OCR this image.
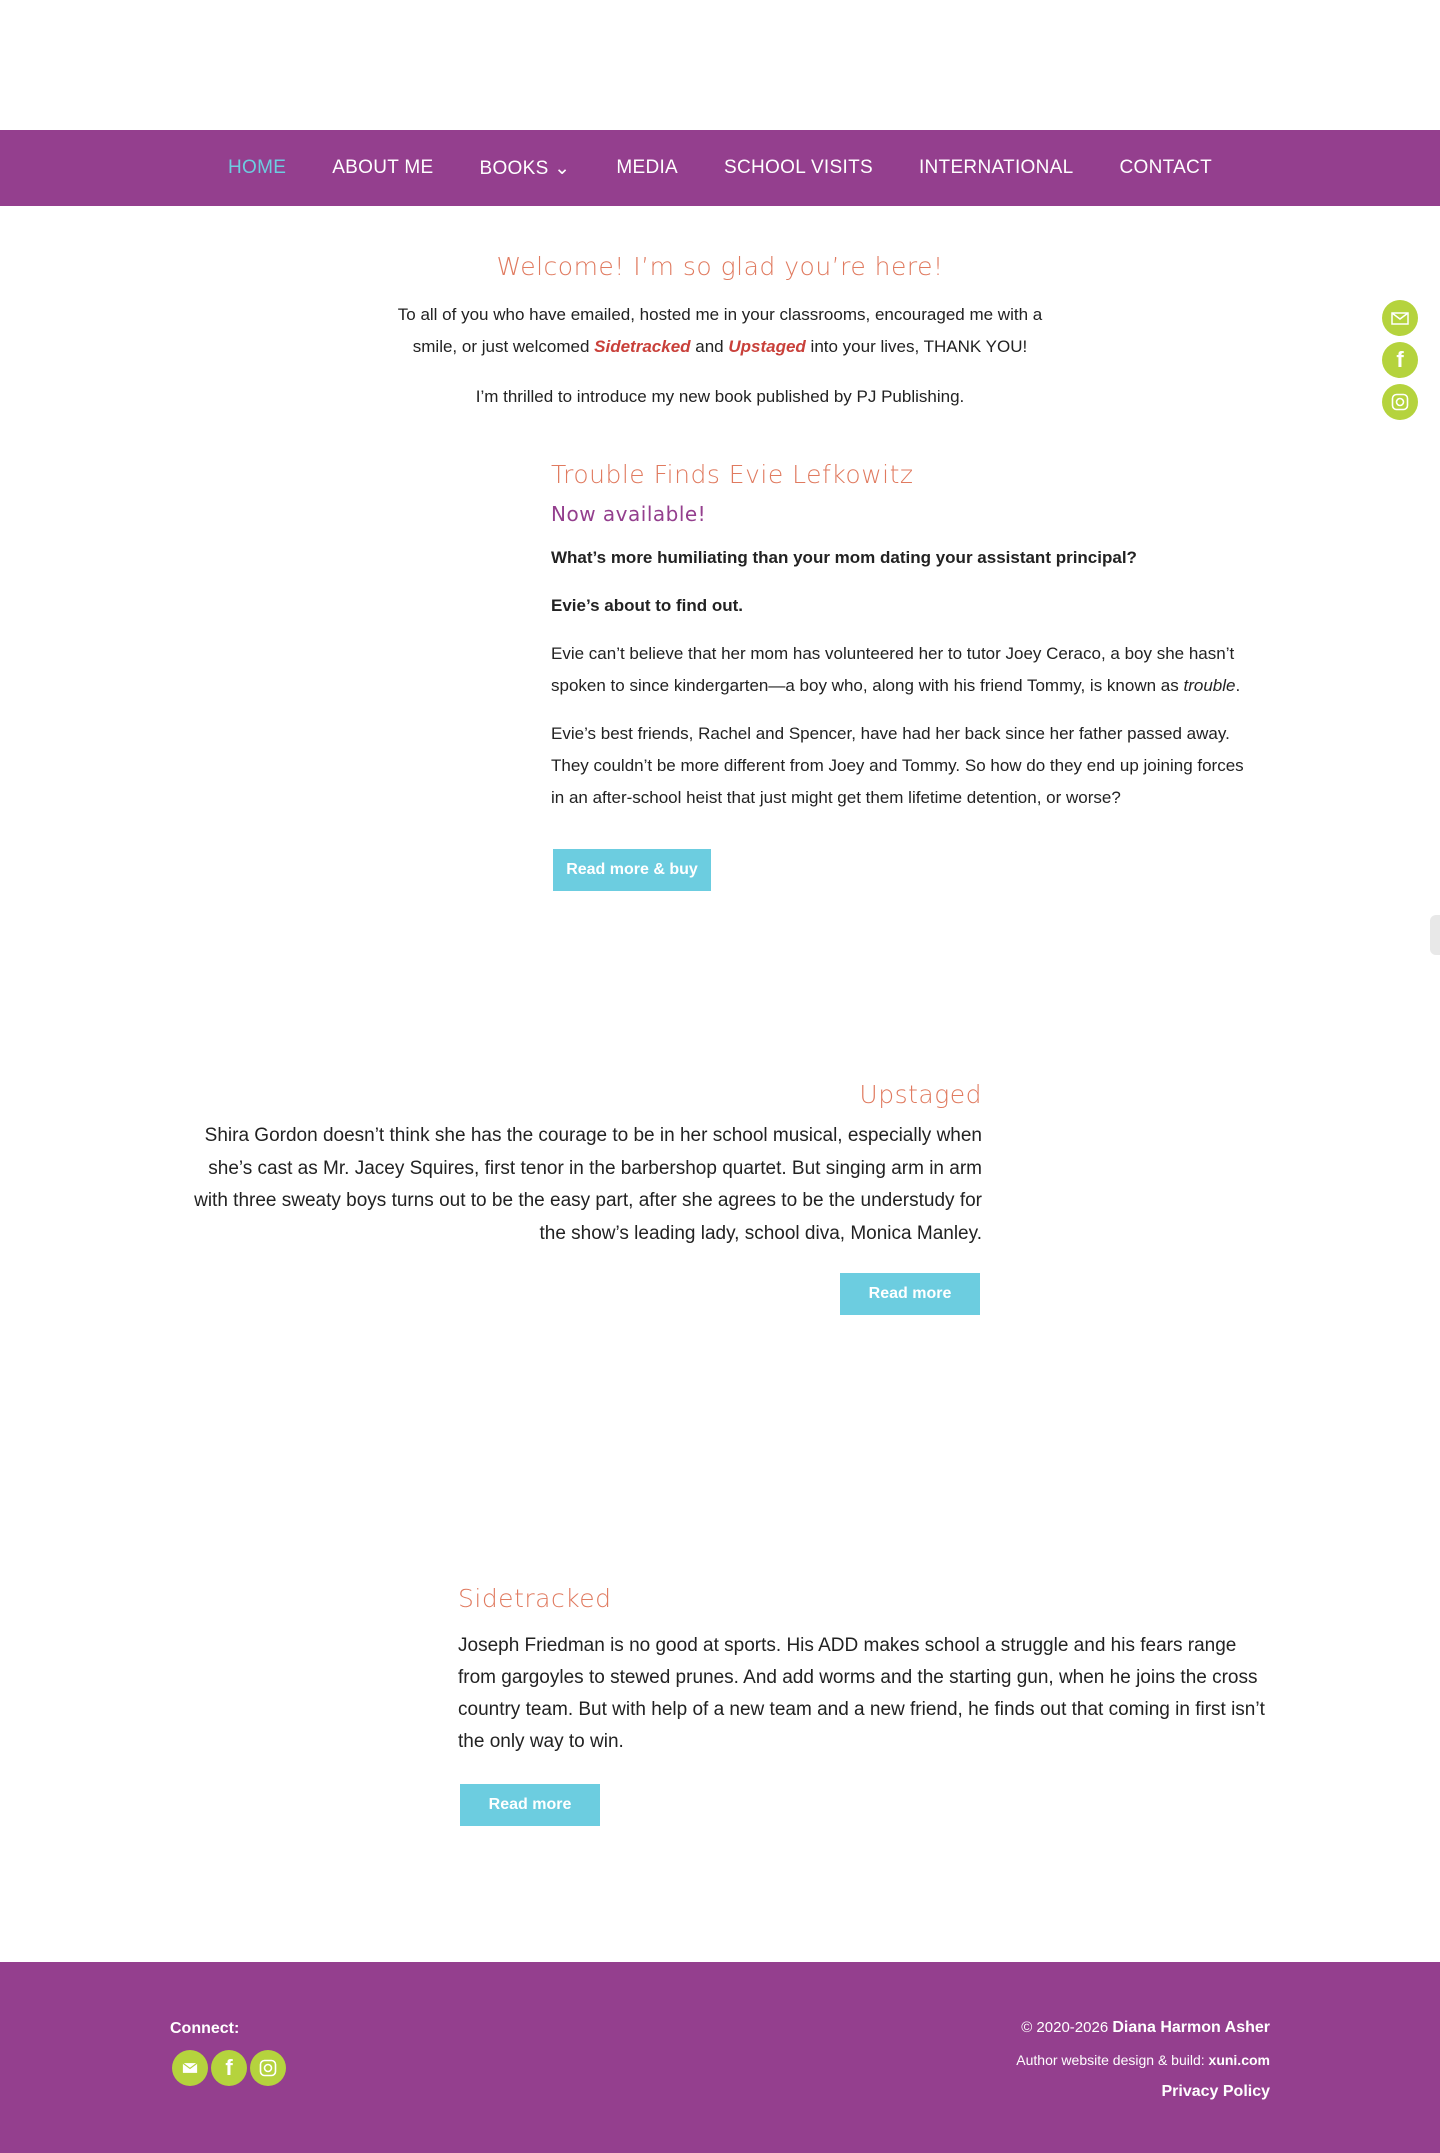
HOME ABOUT ME BOOKS ⌄ MEDIA SCHOOL VISITS INTERNATIONAL CONTACT
f
Welcome! I’m so glad you’re here!
To all of you who have emailed, hosted me in your classrooms, encouraged me with a
smile, or just welcomed Sidetracked and Upstaged into your lives, THANK YOU!

I’m thrilled to introduce my new book published by PJ Publishing.

Trouble Finds Evie Lefkowitz
Now available!

What’s more humiliating than your mom dating your assistant principal?

Evie’s about to find out.

Evie can’t believe that her mom has volunteered her to tutor Joey Ceraco, a boy she hasn’t spoken to since kindergarten—a boy who, along with his friend Tommy, is known as trouble.

Evie’s best friends, Rachel and Spencer, have had her back since her father passed away. They couldn’t be more different from Joey and Tommy. So how do they end up joining forces in an after-school heist that just might get them lifetime detention, or worse?

Read more & buy
Upstaged

Shira Gordon doesn’t think she has the courage to be in her school musical, especially when she’s cast as Mr. Jacey Squires, first tenor in the barbershop quartet. But singing arm in arm with three sweaty boys turns out to be the easy part, after she agrees to be the understudy for the show’s leading lady, school diva, Monica Manley.

Read more
Sidetracked

Joseph Friedman is no good at sports. His ADD makes school a struggle and his fears range from gargoyles to stewed prunes. And add worms and the starting gun, when he joins the cross country team. But with help of a new team and a new friend, he finds out that coming in first isn’t the only way to win.

Read more
Connect:
f
© 2020-2026 Diana Harmon Asher
Author website design & build: xuni.com
Privacy Policy
